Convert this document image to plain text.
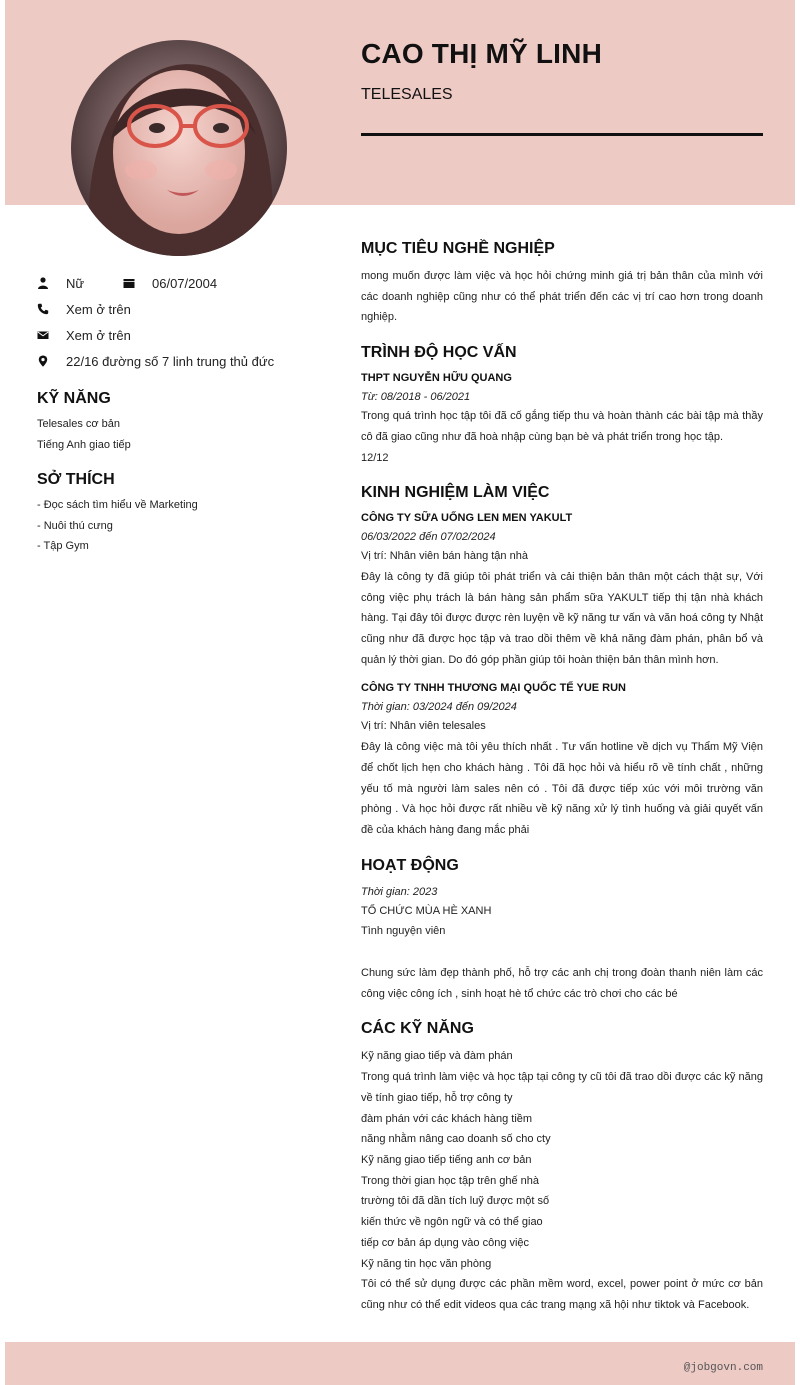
CAO THỊ MỸ LINH
TELESALES
Nữ	06/07/2004
Xem ở trên
Xem ở trên
22/16 đường số 7 linh trung thủ đức
KỸ NĂNG
Telesales cơ bản
Tiếng Anh giao tiếp
SỞ THÍCH
- Đọc sách tìm hiểu về Marketing
- Nuôi thú cưng
- Tập Gym
MỤC TIÊU NGHỀ NGHIỆP
mong muốn được làm việc và học hỏi chứng minh giá trị bản thân của mình với các doanh nghiệp cũng như có thể phát triển đến các vị trí cao hơn trong doanh nghiệp.
TRÌNH ĐỘ HỌC VẤN
THPT NGUYỄN HỮU QUANG
Từ: 08/2018 - 06/2021
Trong quá trình học tập tôi đã cố gắng tiếp thu và hoàn thành các bài tập mà thầy cô đã giao cũng như đã hoà nhập cùng bạn bè và phát triển trong học tập.
12/12
KINH NGHIỆM LÀM VIỆC
CÔNG TY SỮA UỐNG LEN MEN YAKULT
06/03/2022 đến 07/02/2024
Vị trí: Nhân viên bán hàng tận nhà
Đây là công ty đã giúp tôi phát triển và cải thiện bản thân một cách thật sự, Với công việc phụ trách là bán hàng sản phẩm sữa YAKULT tiếp thị tận nhà khách hàng. Tại đây tôi được được rèn luyện về kỹ năng tư vấn và văn hoá công ty Nhật cũng như đã được học tập và trao dồi thêm về khả năng đàm phán, phân bổ và quản lý thời gian. Do đó góp phần giúp tôi hoàn thiện bản thân mình hơn.
CÔNG TY TNHH THƯƠNG MẠI QUỐC TẾ YUE RUN
Thời gian: 03/2024 đến 09/2024
Vị trí: Nhân viên telesales
Đây là công việc mà tôi yêu thích nhất . Tư vấn hotline về dịch vụ Thẩm Mỹ Viện để chốt lịch hẹn cho khách hàng . Tôi đã học hỏi và hiểu rõ về tính chất , những yếu tố mà người làm sales nên có . Tôi đã được tiếp xúc với môi trường văn phòng . Và học hỏi được rất nhiều về kỹ năng xử lý tình huống và giải quyết vấn đề của khách hàng đang mắc phải
HOẠT ĐỘNG
Thời gian: 2023
TỔ CHỨC MÙA HÈ XANH
Tình nguyện viên
Chung sức làm đẹp thành phố, hỗ trợ các anh chị trong đoàn thanh niên làm các công việc công ích , sinh hoạt hè tổ chức các trò chơi cho các bé
CÁC KỸ NĂNG
Kỹ năng giao tiếp và đàm phán
Trong quá trình làm việc và học tập tại công ty cũ tôi đã trao dồi được các kỹ năng về tính giao tiếp, hỗ trợ công ty
đàm phán với các khách hàng tiềm
năng nhằm nâng cao doanh số cho cty
Kỹ năng giao tiếp tiếng anh cơ bản
Trong thời gian học tập trên ghế nhà
trường tôi đã dần tích luỹ được một số
kiến thức về ngôn ngữ và có thể giao
tiếp cơ bản áp dụng vào công việc
Kỹ năng tin học văn phòng
Tôi có thể sử dụng được các phần mềm word, excel, power point ở mức cơ bản cũng như có thể edit videos qua các trang mạng xã hội như tiktok và Facebook.
@jobgovn.com
